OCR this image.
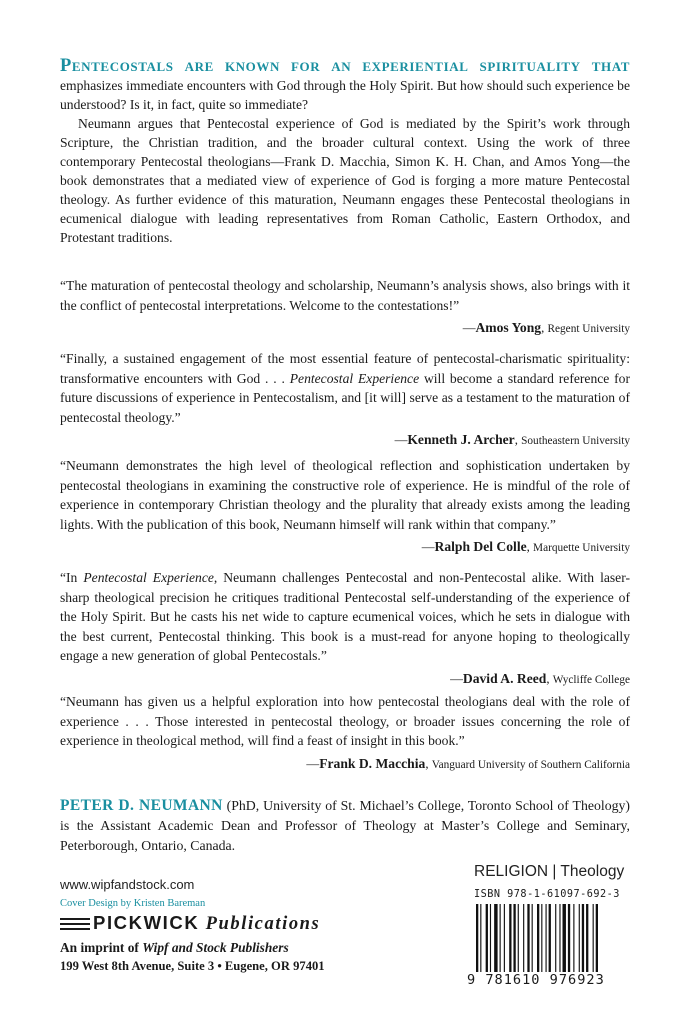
Pentecostals are known for an experiential spirituality that emphasizes immediate encounters with God through the Holy Spirit. But how should such experience be understood? Is it, in fact, quite so immediate?

Neumann argues that Pentecostal experience of God is mediated by the Spirit’s work through Scripture, the Christian tradition, and the broader cultural context. Using the work of three contemporary Pentecostal theologians—Frank D. Macchia, Simon K. H. Chan, and Amos Yong—the book demonstrates that a mediated view of experience of God is forging a more mature Pentecostal theology. As further evidence of this maturation, Neumann engages these Pentecostal theologians in ecumenical dialogue with leading representatives from Roman Catholic, Eastern Orthodox, and Protestant traditions.

“The maturation of pentecostal theology and scholarship, Neumann’s analysis shows, also brings with it the conflict of pentecostal interpretations. Welcome to the contestations!”

—Amos Yong, Regent University

“Finally, a sustained engagement of the most essential feature of pentecostal-charismatic spirituality: transformative encounters with God . . . Pentecostal Experience will become a standard reference for future discussions of experience in Pentecostalism, and [it will] serve as a testament to the maturation of pentecostal theology.”

—Kenneth J. Archer, Southeastern University

“Neumann demonstrates the high level of theological reflection and sophistication undertaken by pentecostal theologians in examining the constructive role of experience. He is mindful of the role of experience in contemporary Christian theology and the plurality that already exists among the leading lights. With the publication of this book, Neumann himself will rank within that company.”

—Ralph Del Colle, Marquette University

“In Pentecostal Experience, Neumann challenges Pentecostal and non-Pentecostal alike. With laser-sharp theological precision he critiques traditional Pentecostal self-understanding of the experience of the Holy Spirit. But he casts his net wide to capture ecumenical voices, which he sets in dialogue with the best current, Pentecostal thinking. This book is a must-read for anyone hoping to theologically engage a new generation of global Pentecostals.”

—David A. Reed, Wycliffe College

“Neumann has given us a helpful exploration into how pentecostal theologians deal with the role of experience . . . Those interested in pentecostal theology, or broader issues concerning the role of experience in theological method, will find a feast of insight in this book.”

—Frank D. Macchia, Vanguard University of Southern California

PETER D. NEUMANN (PhD, University of St. Michael’s College, Toronto School of Theology) is the Assistant Academic Dean and Professor of Theology at Master’s College and Seminary, Peterborough, Ontario, Canada.

www.wipfandstock.com
Cover Design by Kristen Bareman
PICKWICK Publications
An imprint of Wipf and Stock Publishers
199 West 8th Avenue, Suite 3 • Eugene, OR 97401
RELIGION | Theology
ISBN 978-1-61097-692-3
9 781610 976923
